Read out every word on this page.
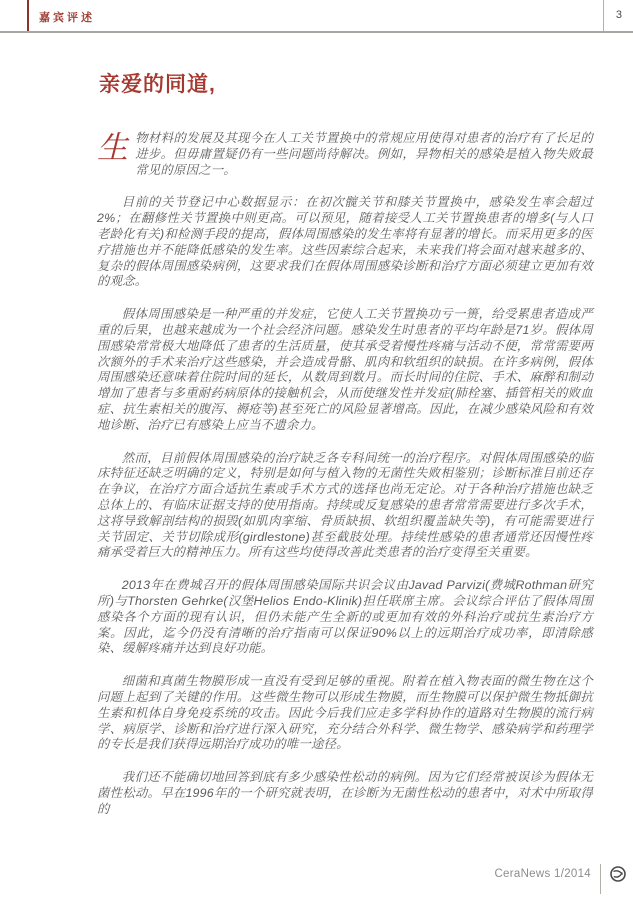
嘉宾评述	3
亲爱的同道,

生物材料的发展及其现今在人工关节置换中的常规应用使得对患者的治疗有了长足的进步。但毋庸置疑仍有一些问题尚待解决。例如，异物相关的感染是植入物失败最常见的原因之一。

目前的关节登记中心数据显示：在初次髋关节和膝关节置换中，感染发生率会超过2%；在翻修性关节置换中则更高。可以预见，随着接受人工关节置换患者的增多(与人口老龄化有关)和检测手段的提高，假体周围感染的发生率将有显著的增长。而采用更多的医疗措施也并不能降低感染的发生率。这些因素综合起来，未来我们将会面对越来越多的、复杂的假体周围感染病例，这要求我们在假体周围感染诊断和治疗方面必须建立更加有效的观念。

假体周围感染是一种严重的并发症，它使人工关节置换功亏一篑，给受累患者造成严重的后果，也越来越成为一个社会经济问题。感染发生时患者的平均年龄是71岁。假体周围感染常常极大地降低了患者的生活质量，使其承受着慢性疼痛与活动不便，常常需要两次额外的手术来治疗这些感染，并会造成骨骼、肌肉和软组织的缺损。在许多病例，假体周围感染还意味着住院时间的延长，从数周到数月。而长时间的住院、手术、麻醉和制动增加了患者与多重耐药病原体的接触机会，从而使继发性并发症(肺栓塞、插管相关的败血症、抗生素相关的腹泻、褥疮等)甚至死亡的风险显著增高。因此，在减少感染风险和有效地诊断、治疗已有感染上应当不遗余力。

然而，目前假体周围感染的治疗缺乏各专科间统一的治疗程序。对假体周围感染的临床特征还缺乏明确的定义，特别是如何与植入物的无菌性失败相鉴别；诊断标准目前还存在争议，在治疗方面合适抗生素或手术方式的选择也尚无定论。对于各种治疗措施也缺乏总体上的、有临床证据支持的使用指南。持续或反复感染的患者常常需要进行多次手术，这将导致解剖结构的损毁(如肌肉挛缩、骨质缺损、软组织覆盖缺失等)，有可能需要进行关节固定、关节切除成形(girdlestone)甚至截肢处理。持续性感染的患者通常还因慢性疼痛承受着巨大的精神压力。所有这些均使得改善此类患者的治疗变得至关重要。

2013年在费城召开的假体周围感染国际共识会议由Javad Parvizi(费城Rothman研究所)与Thorsten Gehrke(汉堡Helios Endo-Klinik)担任联席主席。会议综合评估了假体周围感染各个方面的现有认识，但仍未能产生全新的或更加有效的外科治疗或抗生素治疗方案。因此，迄今仍没有清晰的治疗指南可以保证90%以上的远期治疗成功率，即清除感染、缓解疼痛并达到良好功能。

细菌和真菌生物膜形成一直没有受到足够的重视。附着在植入物表面的微生物在这个问题上起到了关键的作用。这些微生物可以形成生物膜，而生物膜可以保护微生物抵御抗生素和机体自身免疫系统的攻击。因此今后我们应走多学科协作的道路对生物膜的流行病学、病原学、诊断和治疗进行深入研究，充分结合外科学、微生物学、感染病学和药理学的专长是我们获得远期治疗成功的唯一途径。

我们还不能确切地回答到底有多少感染性松动的病例。因为它们经常被误诊为假体无菌性松动。早在1996年的一个研究就表明，在诊断为无菌性松动的患者中，对术中所取得的

CeraNews 1/2014
